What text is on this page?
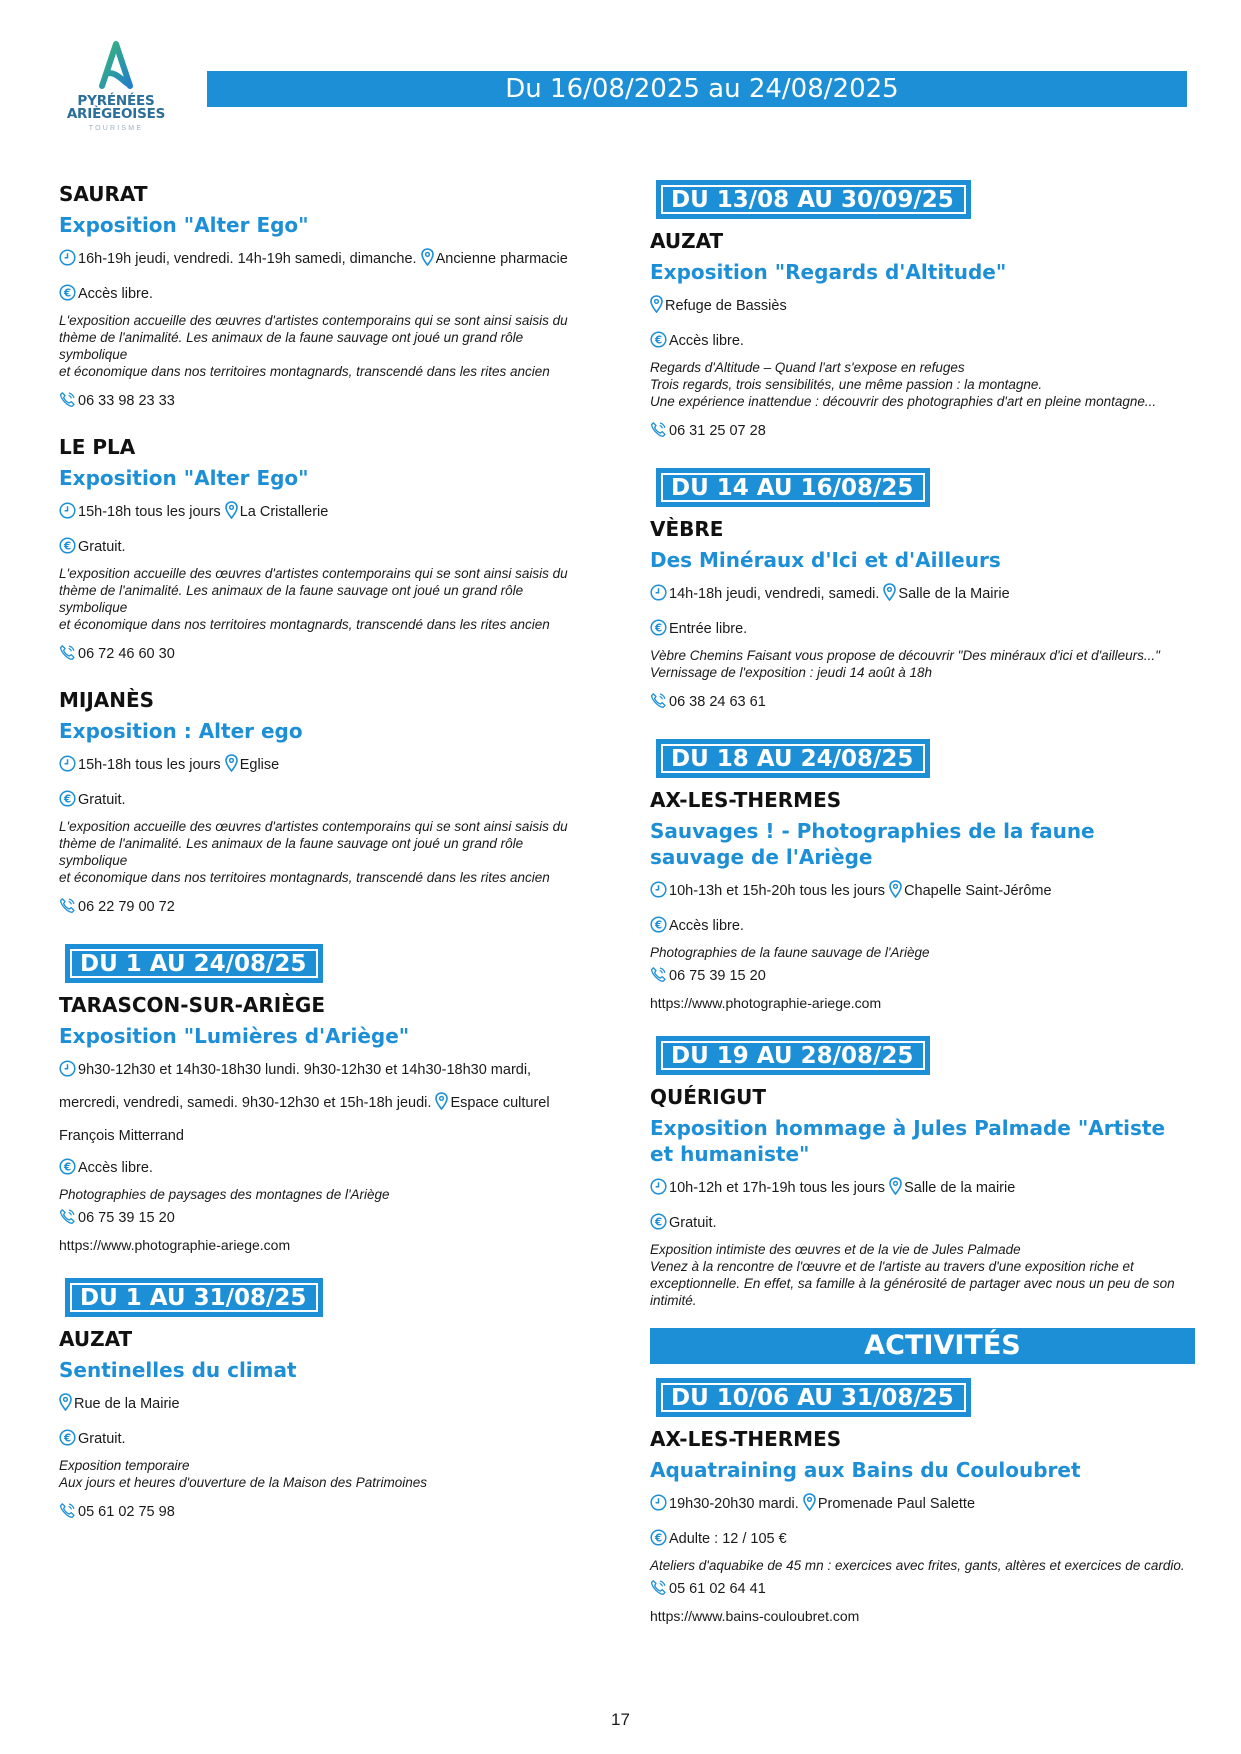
PYRÉNÉES
ARIÈGEOISES
TOURISME
Du 16/08/2025 au 24/08/2025
SAURAT
Exposition "Alter Ego"
16h-19h jeudi, vendredi. 14h-19h samedi, dimanche. Ancienne pharmacie
€ Accès libre.
L'exposition accueille des œuvres d'artistes contemporains qui se sont ainsi saisis du
thème de l'animalité. Les animaux de la faune sauvage ont joué un grand rôle symbolique
et économique dans nos territoires montagnards, transcendé dans les rites ancien
06 33 98 23 33
LE PLA
Exposition "Alter Ego"
15h-18h tous les jours La Cristallerie
€ Gratuit.
L'exposition accueille des œuvres d'artistes contemporains qui se sont ainsi saisis du
thème de l'animalité. Les animaux de la faune sauvage ont joué un grand rôle symbolique
et économique dans nos territoires montagnards, transcendé dans les rites ancien
06 72 46 60 30
MIJANÈS
Exposition : Alter ego
15h-18h tous les jours Eglise
€ Gratuit.
L'exposition accueille des œuvres d'artistes contemporains qui se sont ainsi saisis du
thème de l'animalité. Les animaux de la faune sauvage ont joué un grand rôle symbolique
et économique dans nos territoires montagnards, transcendé dans les rites ancien
06 22 79 00 72
DU 1 AU 24/08/25
TARASCON-SUR-ARIÈGE
Exposition "Lumières d'Ariège"
9h30-12h30 et 14h30-18h30 lundi. 9h30-12h30 et 14h30-18h30 mardi, mercredi, vendredi, samedi. 9h30-12h30 et 15h-18h jeudi. Espace culturel François Mitterrand
€ Accès libre.
Photographies de paysages des montagnes de l'Ariège
06 75 39 15 20
https://www.photographie-ariege.com
DU 1 AU 31/08/25
AUZAT
Sentinelles du climat
Rue de la Mairie
€ Gratuit.
Exposition temporaire
Aux jours et heures d'ouverture de la Maison des Patrimoines
05 61 02 75 98
DU 13/08 AU 30/09/25
AUZAT
Exposition "Regards d'Altitude"
Refuge de Bassiès
€ Accès libre.
Regards d'Altitude – Quand l'art s'expose en refuges
Trois regards, trois sensibilités, une même passion : la montagne.
Une expérience inattendue : découvrir des photographies d'art en pleine montagne...
06 31 25 07 28
DU 14 AU 16/08/25
VÈBRE
Des Minéraux d'Ici et d'Ailleurs
14h-18h jeudi, vendredi, samedi. Salle de la Mairie
€ Entrée libre.
Vèbre Chemins Faisant vous propose de découvrir "Des minéraux d'ici et d'ailleurs..."
Vernissage de l'exposition : jeudi 14 août à 18h
06 38 24 63 61
DU 18 AU 24/08/25
AX-LES-THERMES
Sauvages ! - Photographies de la faune sauvage de l'Ariège
10h-13h et 15h-20h tous les jours Chapelle Saint-Jérôme
€ Accès libre.
Photographies de la faune sauvage de l'Ariège
06 75 39 15 20
https://www.photographie-ariege.com
DU 19 AU 28/08/25
QUÉRIGUT
Exposition hommage à Jules Palmade "Artiste et humaniste"
10h-12h et 17h-19h tous les jours Salle de la mairie
€ Gratuit.
Exposition intimiste des œuvres et de la vie de Jules Palmade
Venez à la rencontre de l'œuvre et de l'artiste au travers d'une exposition riche et exceptionnelle. En effet, sa famille à la générosité de partager avec nous un peu de son intimité.
ACTIVITÉS
DU 10/06 AU 31/08/25
AX-LES-THERMES
Aquatraining aux Bains du Couloubret
19h30-20h30 mardi. Promenade Paul Salette
€ Adulte : 12 / 105 €
Ateliers d'aquabike de 45 mn : exercices avec frites, gants, altères et exercices de cardio.
05 61 02 64 41
https://www.bains-couloubret.com
17
